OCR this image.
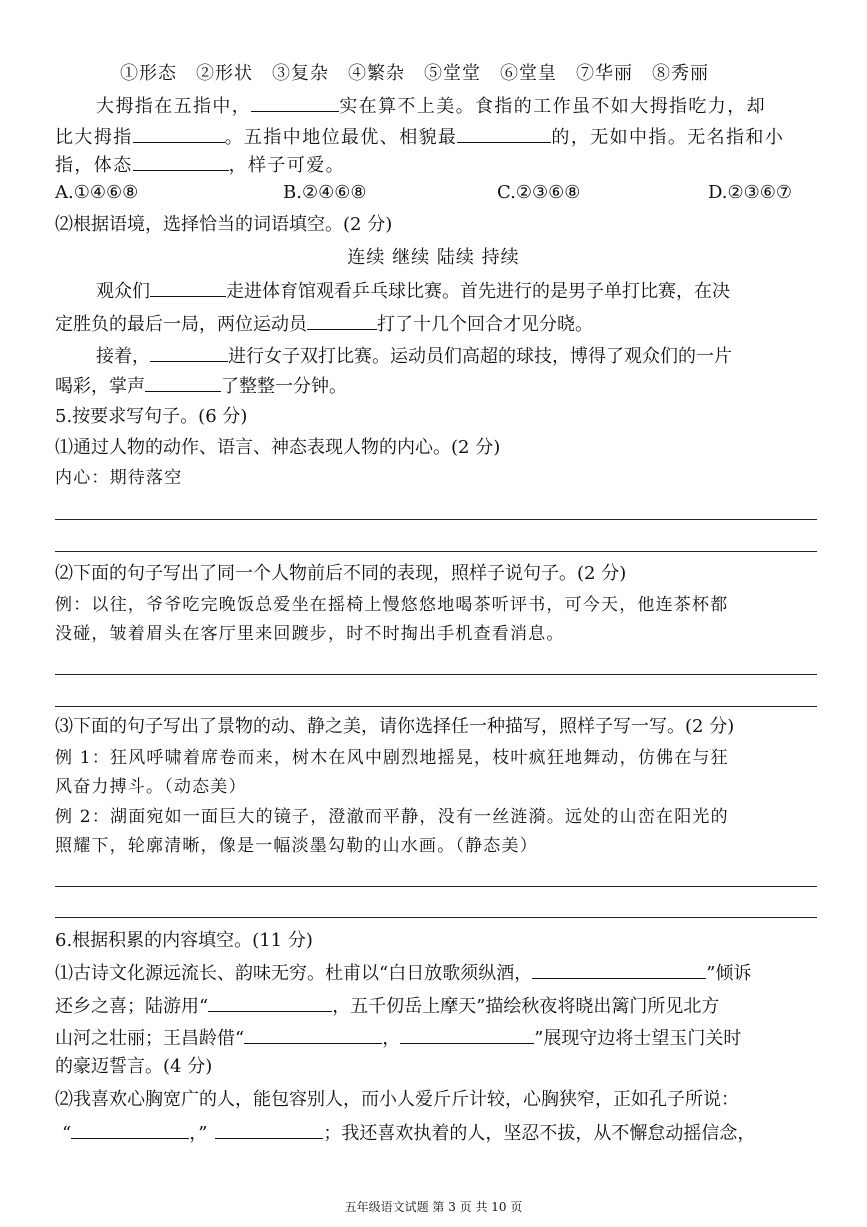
①形态　②形状　③复杂　④繁杂　⑤堂堂　⑥堂皇　⑦华丽　⑧秀丽
大拇指在五指中，	实在算不上美。食指的工作虽不如大拇指吃力，却
比大拇指	。五指中地位最优、相貌最	的，无如中指。无名指和小
指，体态	，样子可爱。
A.①④⑥⑧	B.②④⑥⑧	C.②③⑥⑧	D.②③⑥⑦
⑵根据语境，选择恰当的词语填空。(2 分)
连续 继续 陆续 持续
观众们	走进体育馆观看乒乓球比赛。首先进行的是男子单打比赛，在决
定胜负的最后一局，两位运动员	打了十几个回合才见分晓。
接着，	进行女子双打比赛。运动员们高超的球技，博得了观众们的一片
喝彩，掌声	了整整一分钟。
5.按要求写句子。(6 分)
⑴通过人物的动作、语言、神态表现人物的内心。(2 分)
内心：期待落空
⑵下面的句子写出了同一个人物前后不同的表现，照样子说句子。(2 分)
例：以往，爷爷吃完晚饭总爱坐在摇椅上慢悠悠地喝茶听评书，可今天，他连茶杯都
没碰，皱着眉头在客厅里来回踱步，时不时掏出手机查看消息。
⑶下面的句子写出了景物的动、静之美，请你选择任一种描写，照样子写一写。(2 分)
例 1：狂风呼啸着席卷而来，树木在风中剧烈地摇晃，枝叶疯狂地舞动，仿佛在与狂
风奋力搏斗。（动态美）
例 2：湖面宛如一面巨大的镜子，澄澈而平静，没有一丝涟漪。远处的山峦在阳光的
照耀下，轮廓清晰，像是一幅淡墨勾勒的山水画。（静态美）
6.根据积累的内容填空。(11 分)
⑴古诗文化源远流长、韵味无穷。杜甫以“白日放歌须纵酒，	”倾诉
还乡之喜；陆游用“	，五千仞岳上摩天”描绘秋夜将晓出篱门所见北方
山河之壮丽；王昌龄借“	，	”展现守边将士望玉门关时
的豪迈誓言。(4 分)
⑵我喜欢心胸宽广的人，能包容别人，而小人爱斤斤计较，心胸狭窄，正如孔子所说：
“	，”	；我还喜欢执着的人，坚忍不拔，从不懈怠动摇信念，
五年级语文试题 第 3 页 共 10 页
